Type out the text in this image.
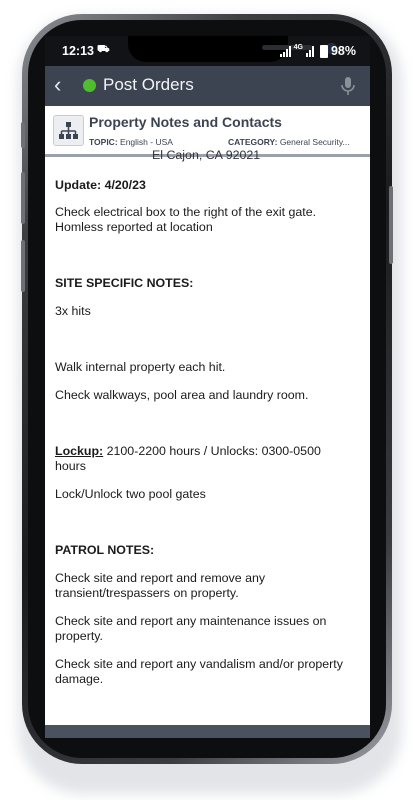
12:13 ⛟	4G 98%
‹ Post Orders
Property Notes and Contacts
TOPIC: English - USA	CATEGORY: General Security...
El Cajon, CA 92021
Update: 4/20/23
Check electrical box to the right of the exit gate. Homless reported at location
SITE SPECIFIC NOTES:
3x hits
Walk internal property each hit.
Check walkways, pool area and laundry room.
Lockup: 2100-2200 hours / Unlocks: 0300-0500 hours
Lock/Unlock two pool gates
PATROL NOTES:
Check site and report and remove any transient/trespassers on property.
Check site and report any maintenance issues on property.
Check site and report any vandalism and/or property damage.
